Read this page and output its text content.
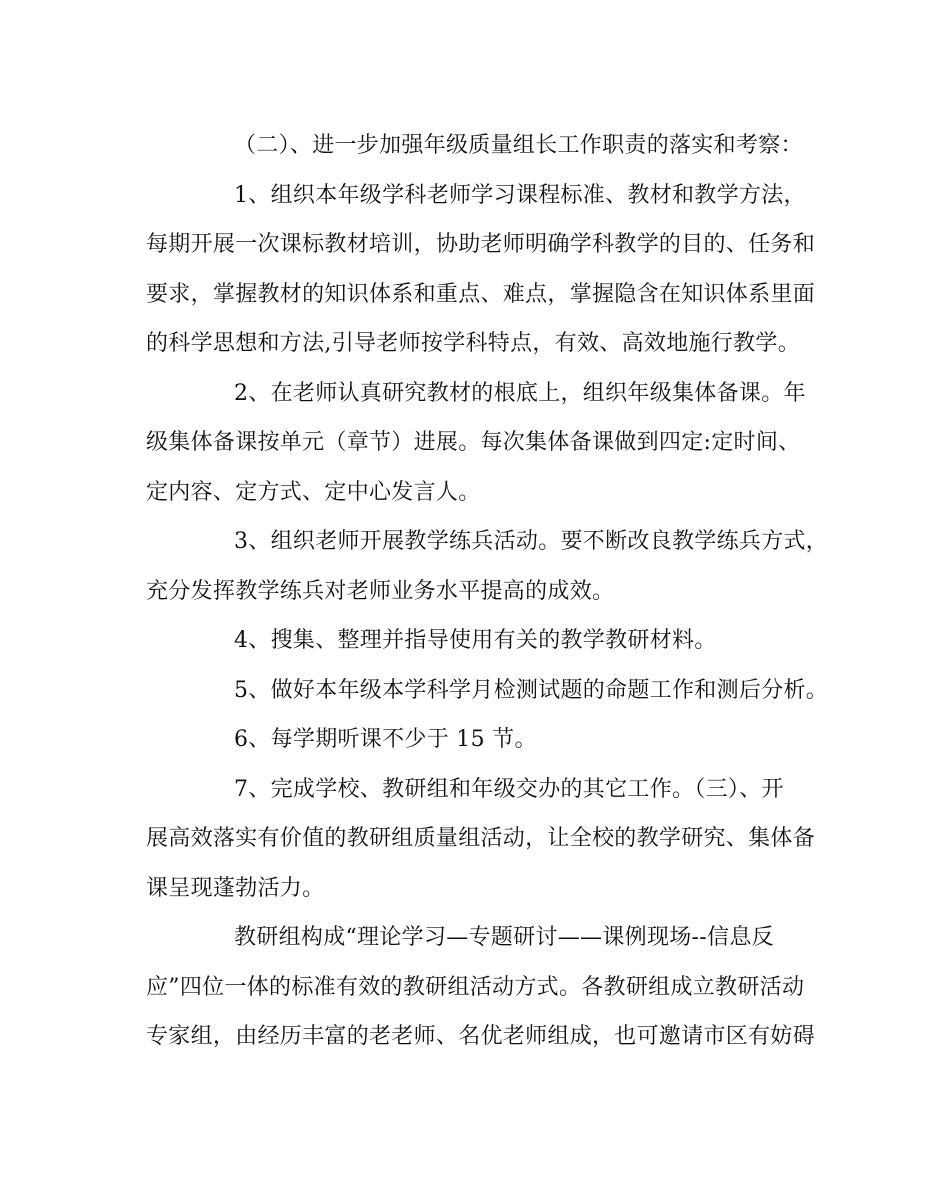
（二）、进一步加强年级质量组长工作职责的落实和考察：
1、组织本年级学科老师学习课程标准、教材和教学方法，
每期开展一次课标教材培训，协助老师明确学科教学的目的、任务和
要求，掌握教材的知识体系和重点、难点，掌握隐含在知识体系里面
的科学思想和方法,引导老师按学科特点，有效、高效地施行教学。
2、在老师认真研究教材的根底上，组织年级集体备课。年
级集体备课按单元（章节）进展。每次集体备课做到四定:定时间、
定内容、定方式、定中心发言人。
3、组织老师开展教学练兵活动。要不断改良教学练兵方式，
充分发挥教学练兵对老师业务水平提高的成效。
4、搜集、整理并指导使用有关的教学教研材料。
5、做好本年级本学科学月检测试题的命题工作和测后分析。
6、每学期听课不少于 15 节。
7、完成学校、教研组和年级交办的其它工作。（三）、开
展高效落实有价值的教研组质量组活动，让全校的教学研究、集体备
课呈现蓬勃活力。
教研组构成“理论学习—专题研讨——课例现场--信息反
应”四位一体的标准有效的教研组活动方式。各教研组成立教研活动
专家组，由经历丰富的老老师、名优老师组成，也可邀请市区有妨碍
